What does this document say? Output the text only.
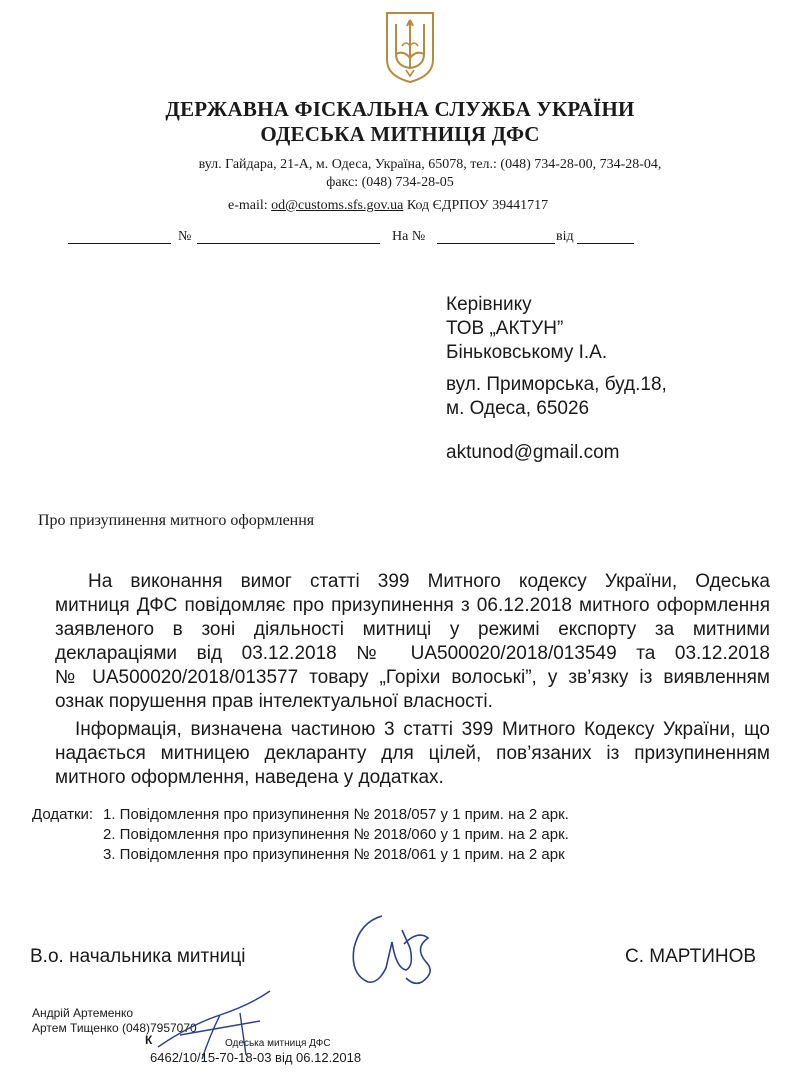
ДЕРЖАВНА ФІСКАЛЬНА СЛУЖБА УКРАЇНИ
ОДЕСЬКА МИТНИЦЯ ДФС
вул. Гайдара, 21-А, м. Одеса, Україна, 65078, тел.: (048) 734-28-00, 734-28-04,
факс: (048) 734-28-05
e-mail: od@customs.sfs.gov.ua Код ЄДРПОУ 39441717
№	На №	від
Керівнику
ТОВ „АКТУН”
Біньковському І.А.
вул. Приморська, буд.18,
м. Одеса, 65026
aktunod@gmail.com
Про призупинення митного оформлення
На виконання вимог статті 399 Митного кодексу України, Одеська
митниця ДФС повідомляє про призупинення з 06.12.2018 митного оформлення
заявленого в зоні діяльності митниці у режимі експорту за митними
деклараціями від 03.12.2018 № UA500020/2018/013549 та 03.12.2018
№ UA500020/2018/013577 товару „Горіхи волоські”, у зв’язку із виявленням
ознак порушення прав інтелектуальної власності.
Інформація, визначена частиною 3 статті 399 Митного Кодексу України, що
надається митницею декларанту для цілей, пов’язаних із призупиненням
митного оформлення, наведена у додатках.
Додатки: 1. Повідомлення про призупинення № 2018/057 у 1 прим. на 2 арк.
2. Повідомлення про призупинення № 2018/060 у 1 прим. на 2 арк.
3. Повідомлення про призупинення № 2018/061 у 1 прим. на 2 арк
В.о. начальника митниці	С. МАРТИНОВ
Андрій Артеменко
Артем Тищенко (048)7957070
К	Одеська митниця ДФС
6462/10/15-70-18-03 від 06.12.2018
